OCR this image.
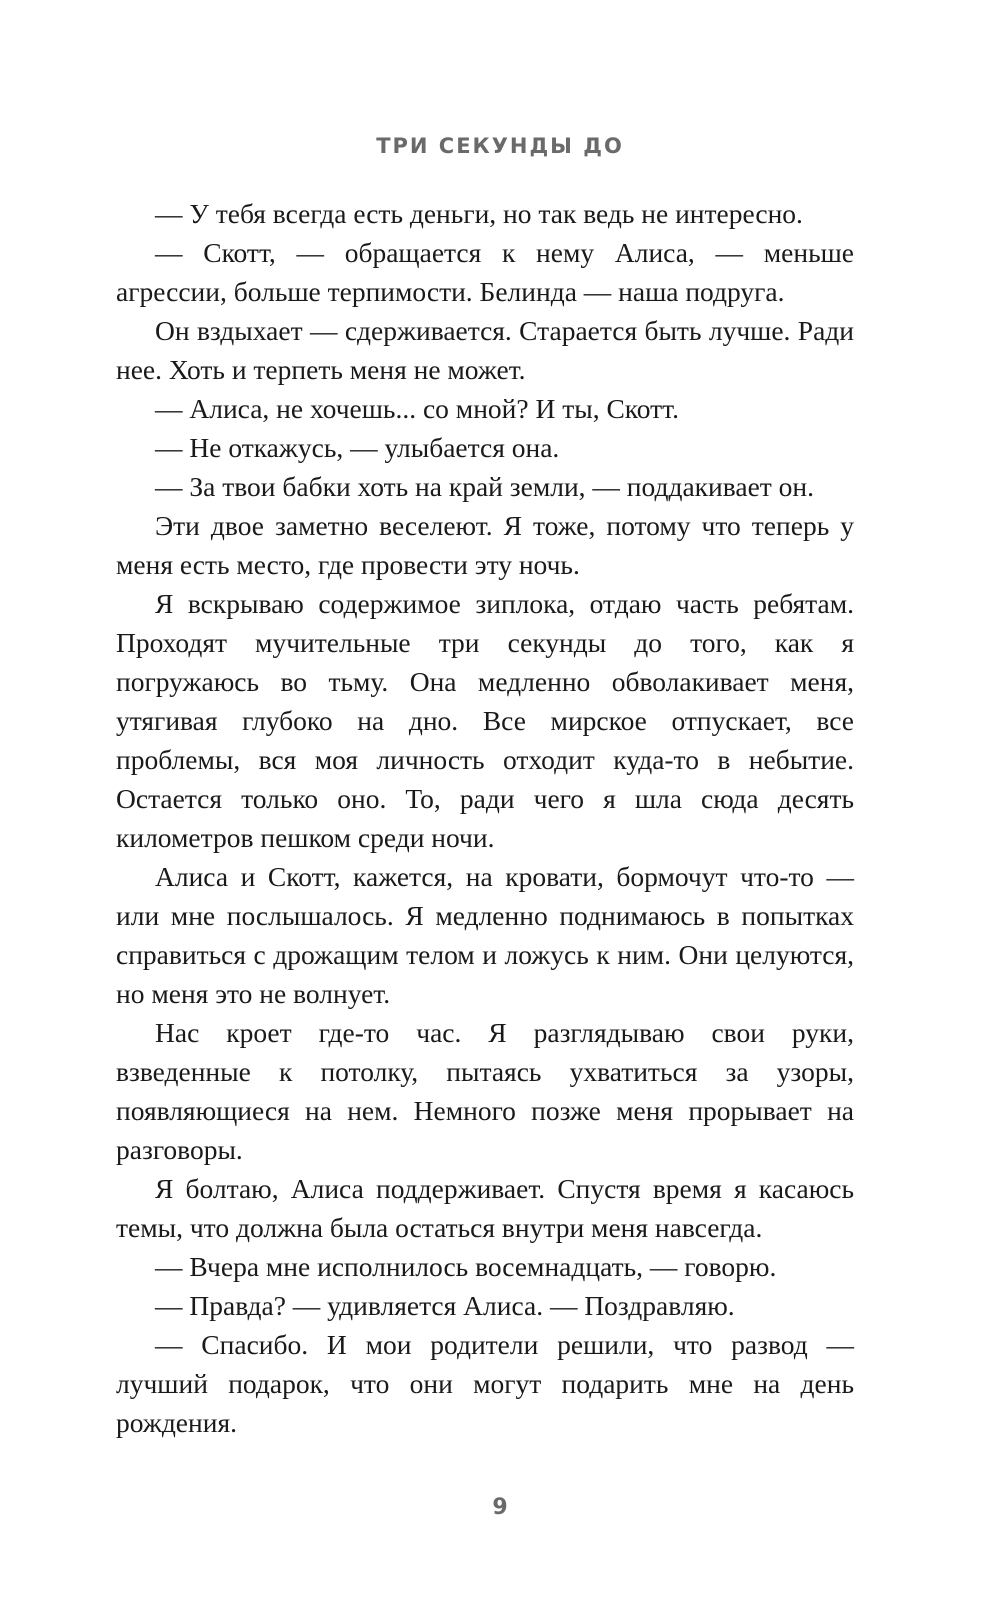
ТРИ СЕКУНДЫ ДО

— У тебя всегда есть деньги, но так ведь не интересно.

— Скотт, — обращается к нему Алиса, — меньше агрессии, больше терпимости. Белинда — наша подруга.

Он вздыхает — сдерживается. Старается быть лучше. Ради нее. Хоть и терпеть меня не может.

— Алиса, не хочешь... со мной? И ты, Скотт.

— Не откажусь, — улыбается она.

— За твои бабки хоть на край земли, — поддакивает он.

Эти двое заметно веселеют. Я тоже, потому что теперь у меня есть место, где провести эту ночь.

Я вскрываю содержимое зиплока, отдаю часть ребятам. Проходят мучительные три секунды до того, как я погружаюсь во тьму. Она медленно обволакивает меня, утягивая глубоко на дно. Все мирское отпускает, все проблемы, вся моя личность отходит куда-то в небытие. Остается только оно. То, ради чего я шла сюда десять километров пешком среди ночи.

Алиса и Скотт, кажется, на кровати, бормочут что-то — или мне послышалось. Я медленно поднимаюсь в попытках справиться с дрожащим телом и ложусь к ним. Они целуются, но меня это не волнует.

Нас кроет где-то час. Я разглядываю свои руки, взведенные к потолку, пытаясь ухватиться за узоры, появляющиеся на нем. Немного позже меня прорывает на разговоры.

Я болтаю, Алиса поддерживает. Спустя время я касаюсь темы, что должна была остаться внутри меня навсегда.

— Вчера мне исполнилось восемнадцать, — говорю.

— Правда? — удивляется Алиса. — Поздравляю.

— Спасибо. И мои родители решили, что развод — лучший подарок, что они могут подарить мне на день рождения.

9
